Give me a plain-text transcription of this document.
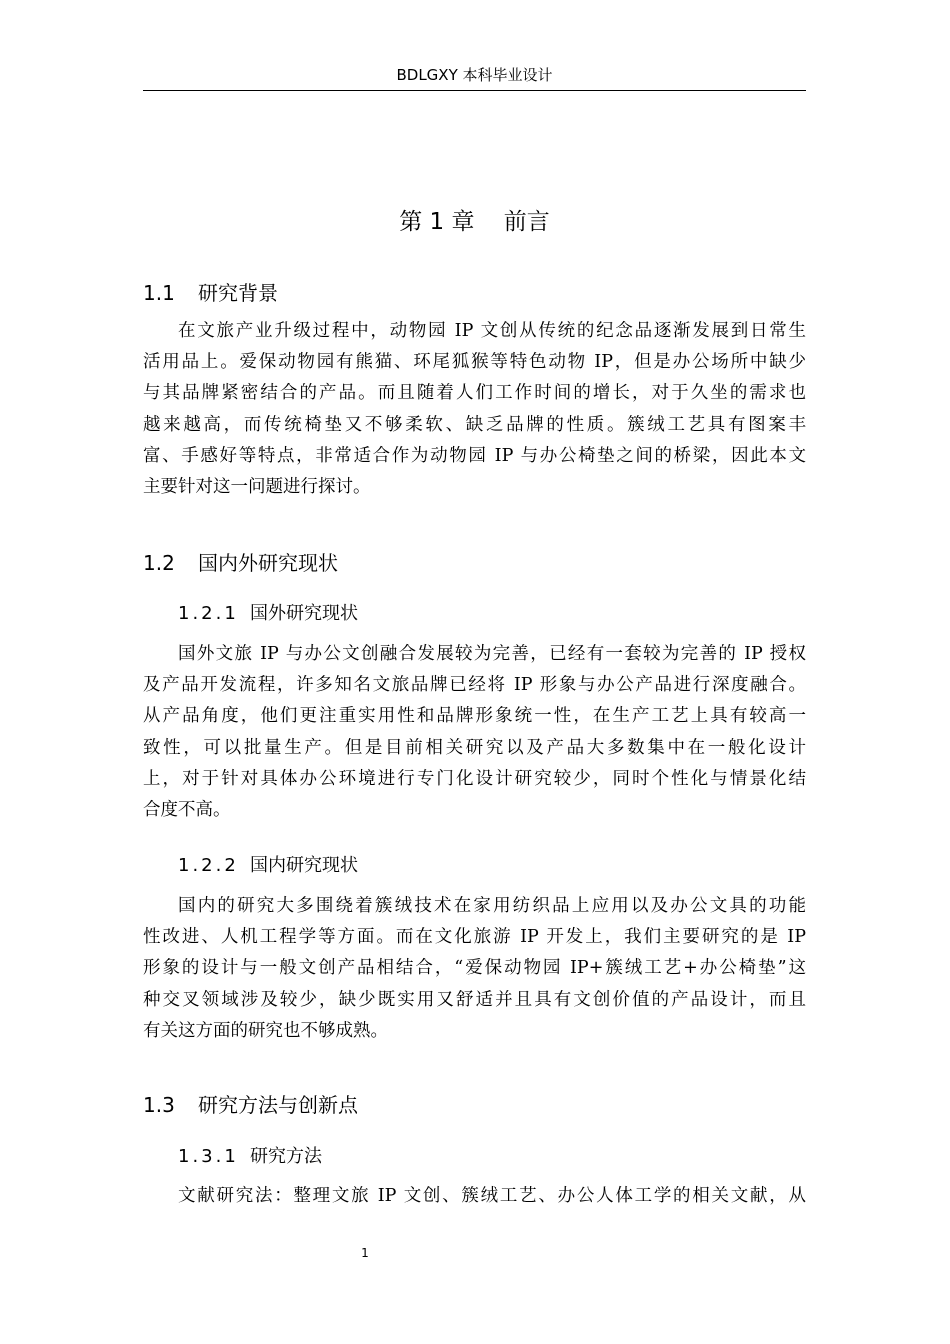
BDLGXY 本科毕业设计
第 1 章    前言
1.1 研究背景
在文旅产业升级过程中，动物园 IP 文创从传统的纪念品逐渐发展到日常生
活用品上。爱保动物园有熊猫、环尾狐猴等特色动物 IP，但是办公场所中缺少
与其品牌紧密结合的产品。而且随着人们工作时间的增长，对于久坐的需求也
越来越高，而传统椅垫又不够柔软、缺乏品牌的性质。簇绒工艺具有图案丰
富、手感好等特点，非常适合作为动物园 IP 与办公椅垫之间的桥梁，因此本文
主要针对这一问题进行探讨。
1.2 国内外研究现状
1.2.1 国外研究现状
国外文旅 IP 与办公文创融合发展较为完善，已经有一套较为完善的 IP 授权
及产品开发流程，许多知名文旅品牌已经将 IP 形象与办公产品进行深度融合。
从产品角度，他们更注重实用性和品牌形象统一性，在生产工艺上具有较高一
致性，可以批量生产。但是目前相关研究以及产品大多数集中在一般化设计
上，对于针对具体办公环境进行专门化设计研究较少，同时个性化与情景化结
合度不高。
1.2.2 国内研究现状
国内的研究大多围绕着簇绒技术在家用纺织品上应用以及办公文具的功能
性改进、人机工程学等方面。而在文化旅游 IP 开发上，我们主要研究的是 IP
形象的设计与一般文创产品相结合，“爱保动物园 IP+簇绒工艺+办公椅垫”这
种交叉领域涉及较少，缺少既实用又舒适并且具有文创价值的产品设计，而且
有关这方面的研究也不够成熟。
1.3 研究方法与创新点
1.3.1 研究方法
文献研究法：整理文旅 IP 文创、簇绒工艺、办公人体工学的相关文献，从
1
